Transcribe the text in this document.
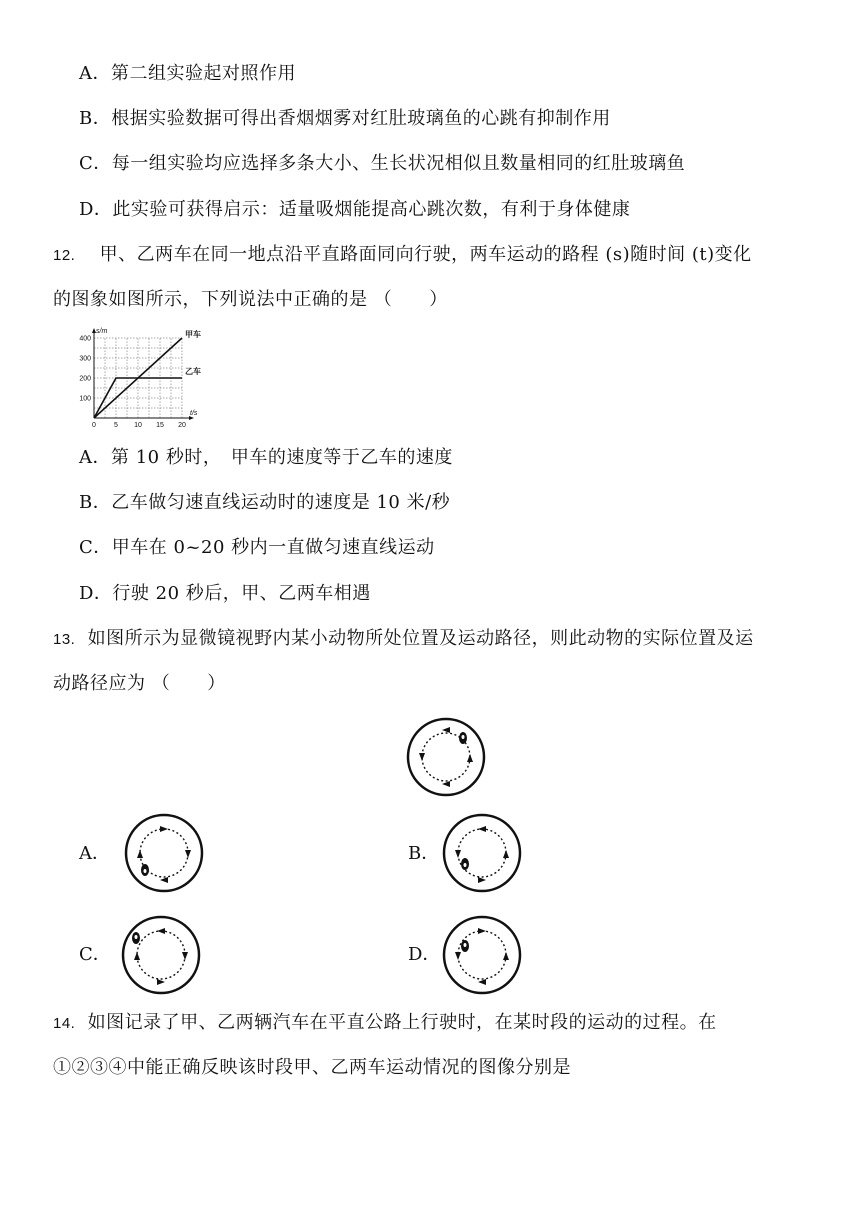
A．第二组实验起对照作用
B．根据实验数据可得出香烟烟雾对红肚玻璃鱼的心跳有抑制作用
C．每一组实验均应选择多条大小、生长状况相似且数量相同的红肚玻璃鱼
D．此实验可获得启示：适量吸烟能提高心跳次数，有利于身体健康
12. 甲、乙两车在同一地点沿平直路面同向行驶，两车运动的路程 (s)随时间 (t)变化
的图象如图所示，下列说法中正确的是 （　　）
t/s
s/m
0	5 10 15 20
100
200
300
400	甲车
乙车
A．第 10 秒时，　甲车的速度等于乙车的速度
B．乙车做匀速直线运动时的速度是 10 米/秒
C．甲车在 0~20 秒内一直做匀速直线运动
D．行驶 20 秒后，甲、乙两车相遇
13. 如图所示为显微镜视野内某小动物所处位置及运动路径，则此动物的实际位置及运
动路径应为 （　　）
A．	B．
C．	D．
14. 如图记录了甲、乙两辆汽车在平直公路上行驶时，在某时段的运动的过程。在
①②③④中能正确反映该时段甲、乙两车运动情况的图像分别是
